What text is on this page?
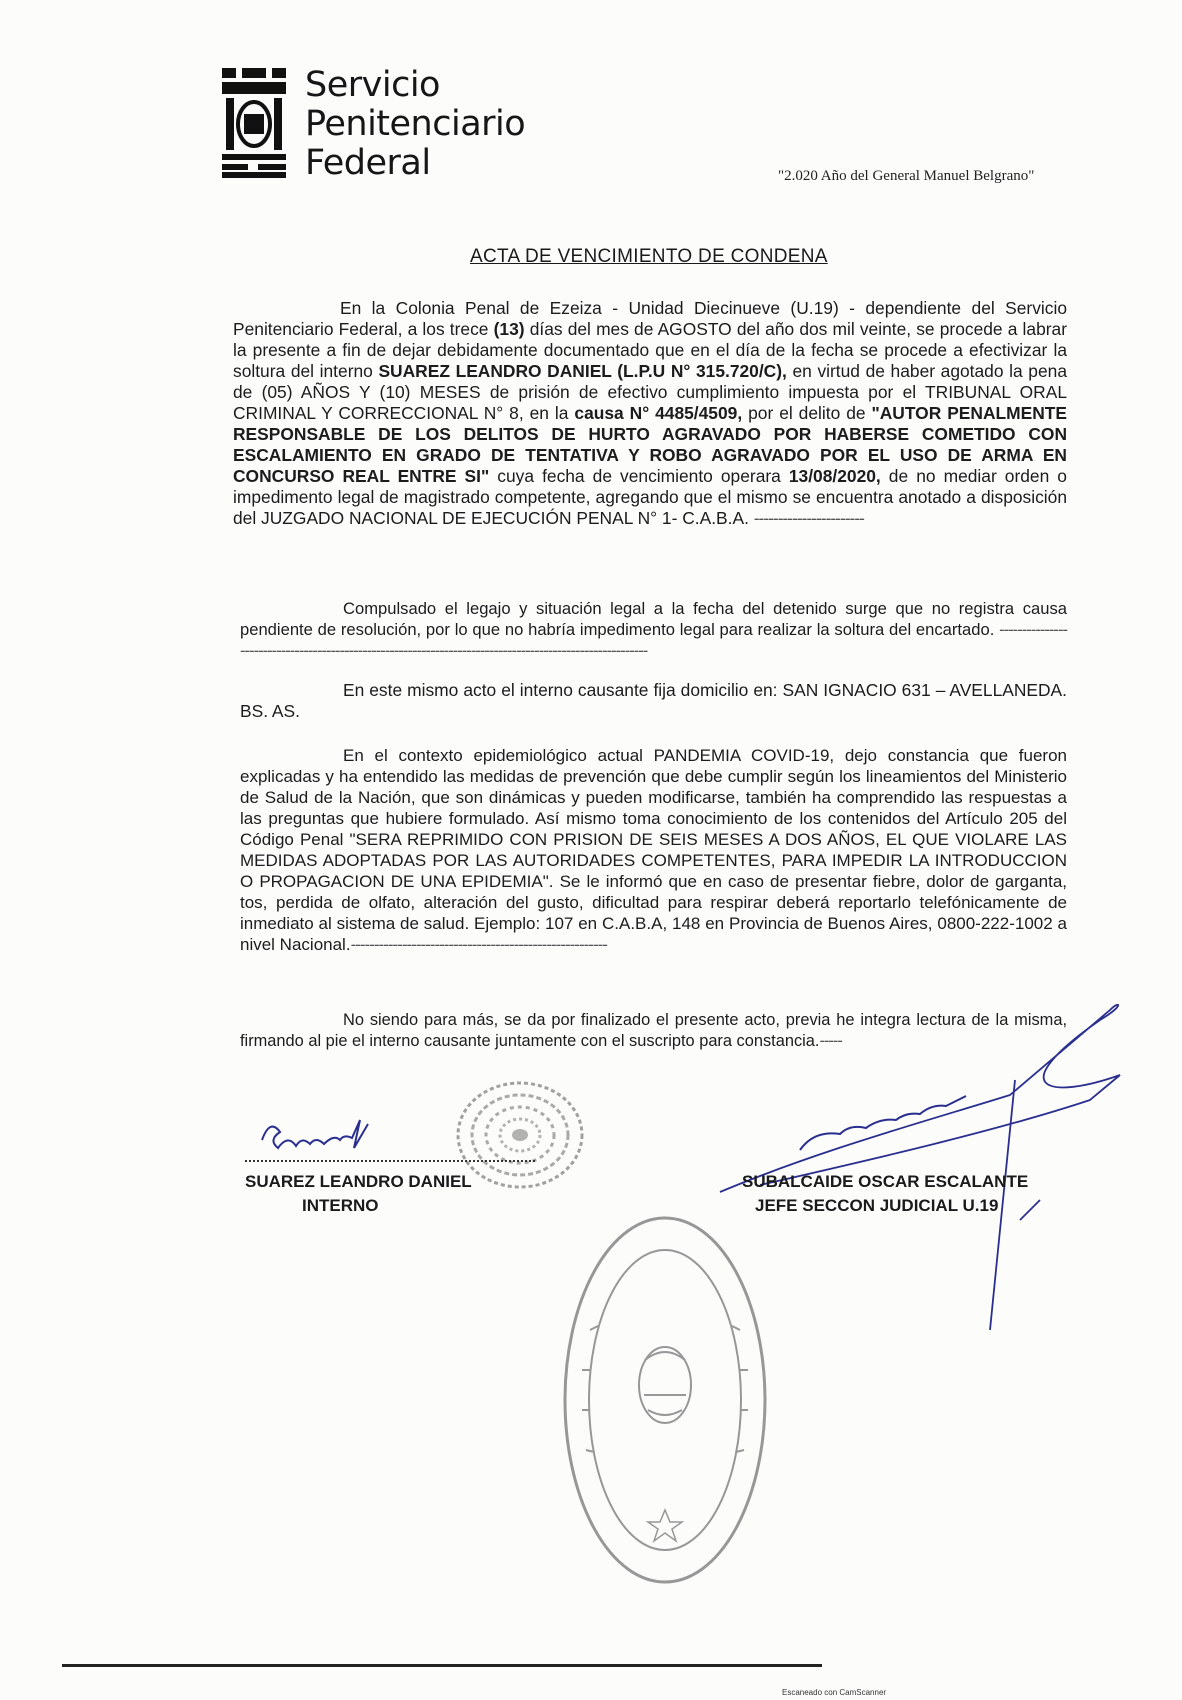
Servicio
Penitenciario
Federal	"2.020 Año del General Manuel Belgrano"
ACTA DE VENCIMIENTO DE CONDENA
En la Colonia Penal de Ezeiza - Unidad Diecinueve (U.19) - dependiente del Servicio Penitenciario Federal, a los trece (13) días del mes de AGOSTO del año dos mil veinte, se procede a labrar la presente a fin de dejar debidamente documentado que en el día de la fecha se procede a efectivizar la soltura del interno SUAREZ LEANDRO DANIEL (L.P.U N° 315.720/C), en virtud de haber agotado la pena de (05) AÑOS Y (10) MESES de prisión de efectivo cumplimiento impuesta por el TRIBUNAL ORAL CRIMINAL Y CORRECCIONAL N° 8, en la causa N° 4485/4509, por el delito de "AUTOR PENALMENTE RESPONSABLE DE LOS DELITOS DE HURTO AGRAVADO POR HABERSE COMETIDO CON ESCALAMIENTO EN GRADO DE TENTATIVA Y ROBO AGRAVADO POR EL USO DE ARMA EN CONCURSO REAL ENTRE SI" cuya fecha de vencimiento operara 13/08/2020, de no mediar orden o impedimento legal de magistrado competente, agregando que el mismo se encuentra anotado a disposición del JUZGADO NACIONAL DE EJECUCIÓN PENAL N° 1- C.A.B.A. -----------------------
Compulsado el legajo y situación legal a la fecha del detenido surge que no registra causa pendiente de resolución, por lo que no habría impedimento legal para realizar la soltura del encartado. ---------------------------------------------------------------------------------------------------------
En este mismo acto el interno causante fija domicilio en: SAN IGNACIO 631 – AVELLANEDA. BS. AS.
En el contexto epidemiológico actual PANDEMIA COVID-19, dejo constancia que fueron explicadas y ha entendido las medidas de prevención que debe cumplir según los lineamientos del Ministerio de Salud de la Nación, que son dinámicas y pueden modificarse, también ha comprendido las respuestas a las preguntas que hubiere formulado. Así mismo toma conocimiento de los contenidos del Artículo 205 del Código Penal "SERA REPRIMIDO CON PRISION DE SEIS MESES A DOS AÑOS, EL QUE VIOLARE LAS MEDIDAS ADOPTADAS POR LAS AUTORIDADES COMPETENTES, PARA IMPEDIR LA INTRODUCCION O PROPAGACION DE UNA EPIDEMIA". Se le informó que en caso de presentar fiebre, dolor de garganta, tos, perdida de olfato, alteración del gusto, dificultad para respirar deberá reportarlo telefónicamente de inmediato al sistema de salud. Ejemplo: 107 en C.A.B.A, 148 en Provincia de Buenos Aires, 0800-222-1002 a nivel Nacional.-------------------------------------------------------
No siendo para más, se da por finalizado el presente acto, previa he integra lectura de la misma, firmando al pie el interno causante juntamente con el suscripto para constancia.-----
SUAREZ LEANDRO DANIEL
INTERNO
SUBALCAIDE OSCAR ESCALANTE
JEFE SECCON JUDICIAL U.19
Escaneado con CamScanner
